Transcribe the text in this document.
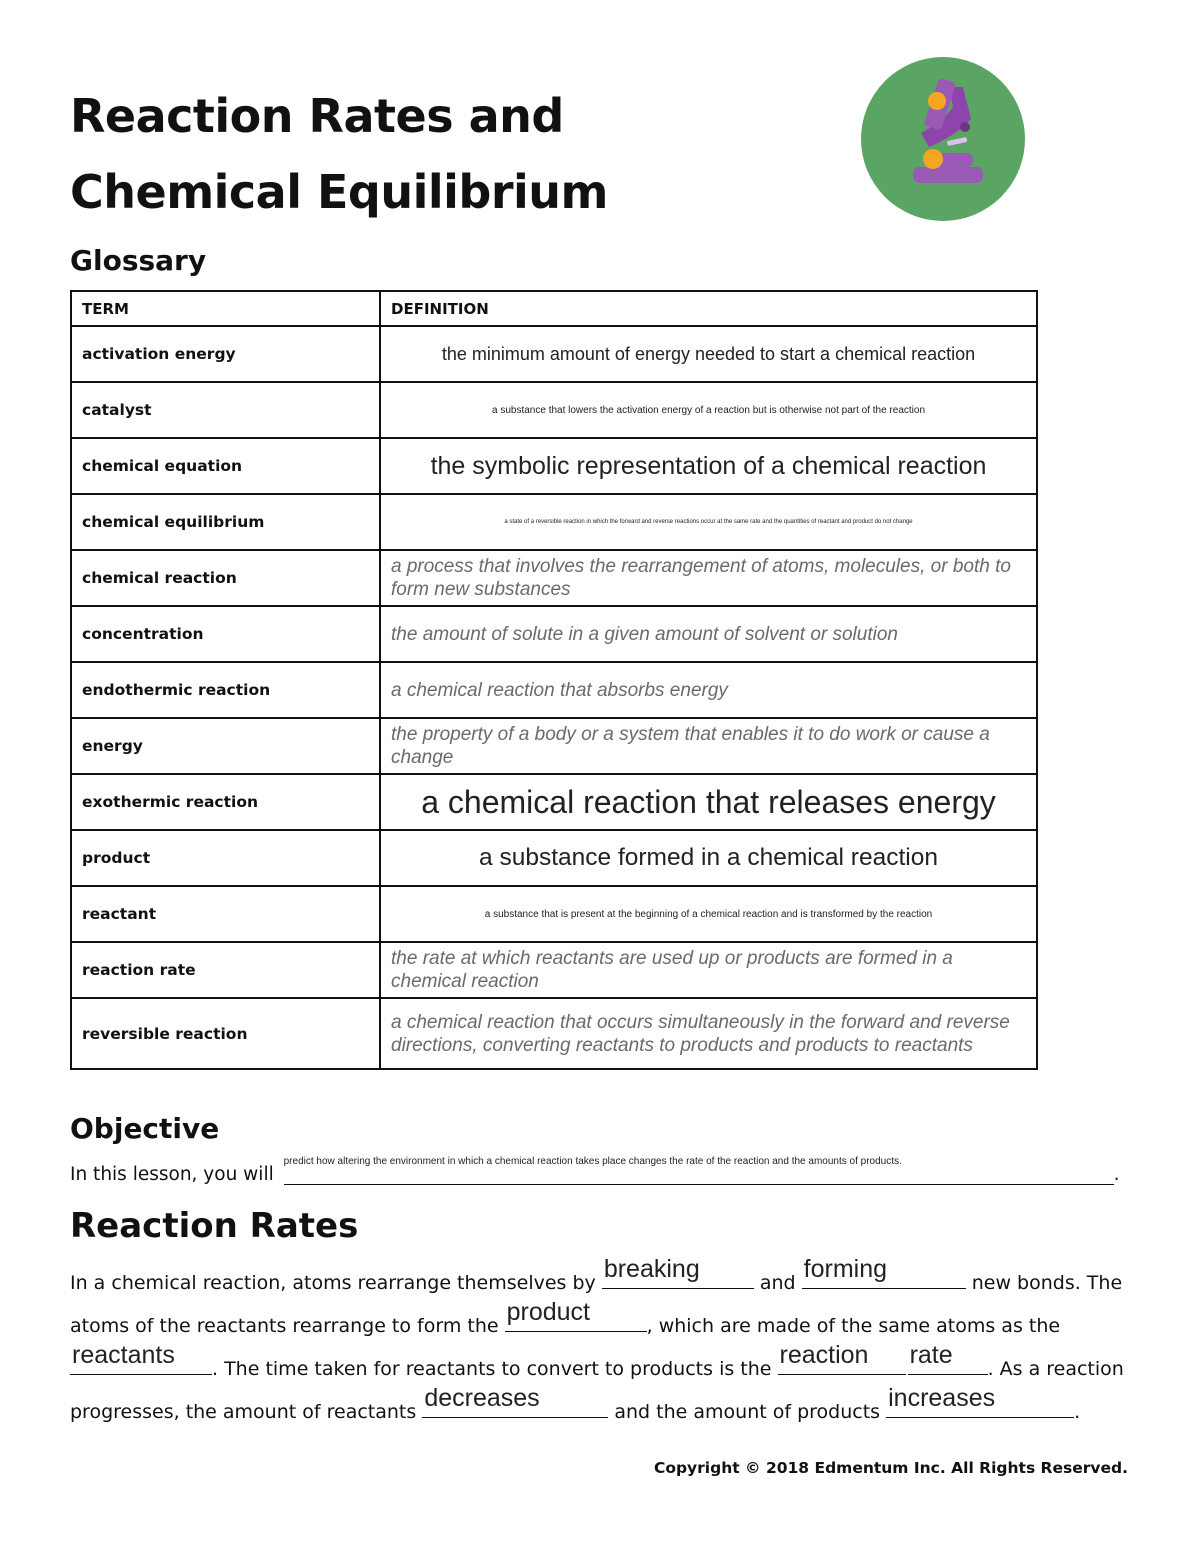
Reaction Rates and
Chemical Equilibrium
Glossary
TERM	DEFINITION
activation energy	the minimum amount of energy needed to start a chemical reaction
catalyst	a substance that lowers the activation energy of a reaction but is otherwise not part of the reaction
chemical equation	the symbolic representation of a chemical reaction
chemical equilibrium	a state of a reversible reaction in which the forward and reverse reactions occur at the same rate and the quantities of reactant and product do not change
chemical reaction	a process that involves the rearrangement of atoms, molecules, or both to form new substances
concentration	the amount of solute in a given amount of solvent or solution
endothermic reaction	a chemical reaction that absorbs energy
energy	the property of a body or a system that enables it to do work or cause a change
exothermic reaction	a chemical reaction that releases energy
product	a substance formed in a chemical reaction
reactant	a substance that is present at the beginning of a chemical reaction and is transformed by the reaction
reaction rate	the rate at which reactants are used up or products are formed in a chemical reaction
reversible reaction	a chemical reaction that occurs simultaneously in the forward and reverse directions, converting reactants to products and products to reactants
Objective
In this lesson, you will
predict how altering the environment in which a chemical reaction takes place changes the rate of the reaction and the amounts of products.
.
Reaction Rates
In a chemical reaction, atoms rearrange themselves by breaking	and forming	new bonds. The
atoms of the reactants rearrange to form the product	, which are made of the same atoms as the
reactants . The time taken for reactants to convert to products is the reaction
rate . As a reaction
progresses, the amount of reactants decreases	and the amount of products increases	.
Copyright © 2018 Edmentum Inc. All Rights Reserved.
